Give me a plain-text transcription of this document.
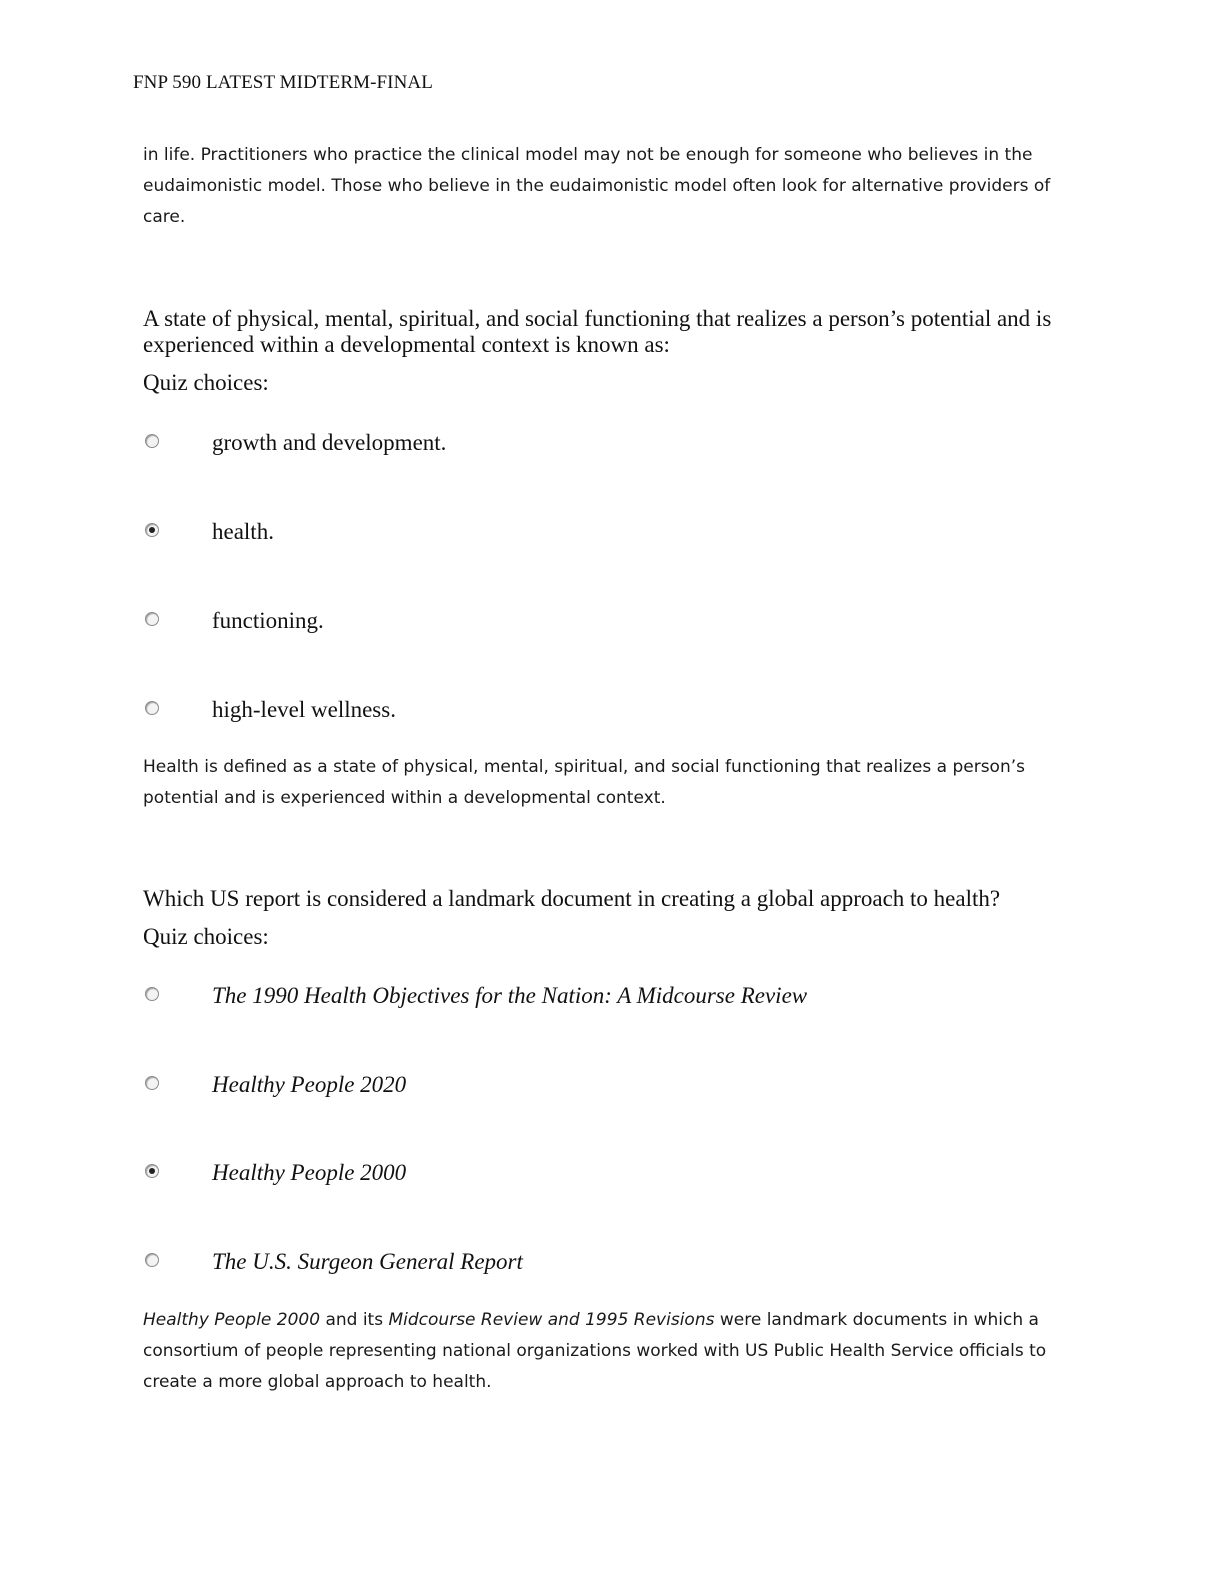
FNP 590 LATEST MIDTERM-FINAL
in life. Practitioners who practice the clinical model may not be enough for someone who believes in the eudaimonistic model. Those who believe in the eudaimonistic model often look for alternative providers of care.
A state of physical, mental, spiritual, and social functioning that realizes a person’s potential and is experienced within a developmental context is known as:
Quiz choices:
growth and development.
health.
functioning.
high-level wellness.
Health is defined as a state of physical, mental, spiritual, and social functioning that realizes a person’s potential and is experienced within a developmental context.
Which US report is considered a landmark document in creating a global approach to health?
Quiz choices:
The 1990 Health Objectives for the Nation: A Midcourse Review
Healthy People 2020
Healthy People 2000
The U.S. Surgeon General Report
Healthy People 2000 and its Midcourse Review and 1995 Revisions were landmark documents in which a consortium of people representing national organizations worked with US Public Health Service officials to create a more global approach to health.
